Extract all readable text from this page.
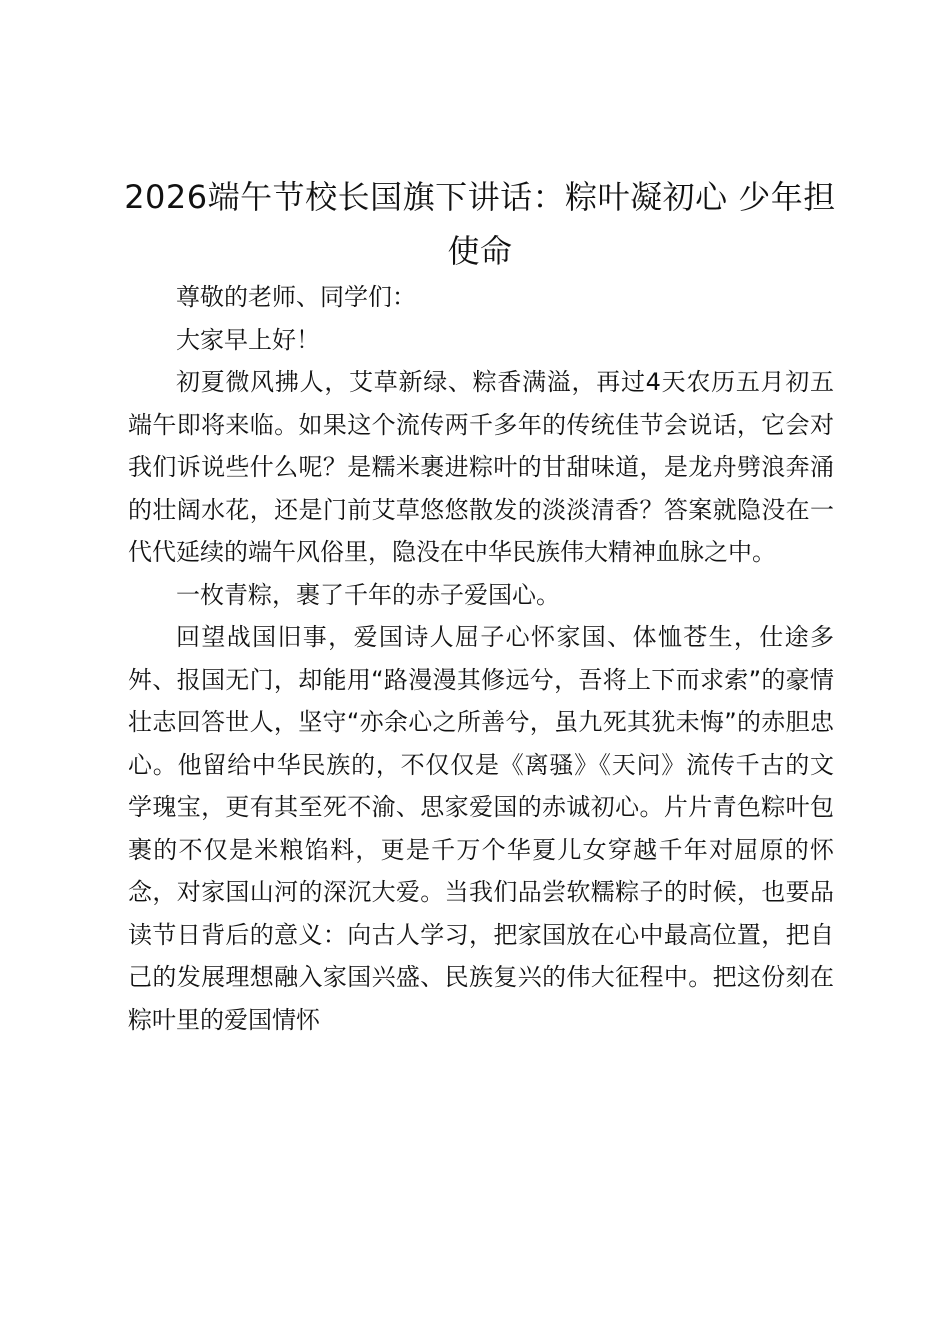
2026端午节校长国旗下讲话：粽叶凝初心 少年担使命

尊敬的老师、同学们：

大家早上好！

初夏微风拂人，艾草新绿、粽香满溢，再过4天农历五月初五端午即将来临。如果这个流传两千多年的传统佳节会说话，它会对我们诉说些什么呢？是糯米裹进粽叶的甘甜味道，是龙舟劈浪奔涌的壮阔水花，还是门前艾草悠悠散发的淡淡清香？答案就隐没在一代代延续的端午风俗里，隐没在中华民族伟大精神血脉之中。

一枚青粽，裹了千年的赤子爱国心。

回望战国旧事，爱国诗人屈子心怀家国、体恤苍生，仕途多舛、报国无门，却能用“路漫漫其修远兮，吾将上下而求索”的豪情壮志回答世人，坚守“亦余心之所善兮，虽九死其犹未悔”的赤胆忠心。他留给中华民族的，不仅仅是《离骚》《天问》流传千古的文学瑰宝，更有其至死不渝、思家爱国的赤诚初心。片片青色粽叶包裹的不仅是米粮馅料，更是千万个华夏儿女穿越千年对屈原的怀念，对家国山河的深沉大爱。当我们品尝软糯粽子的时候，也要品读节日背后的意义：向古人学习，把家国放在心中最高位置，把自己的发展理想融入家国兴盛、民族复兴的伟大征程中。把这份刻在粽叶里的爱国情怀
